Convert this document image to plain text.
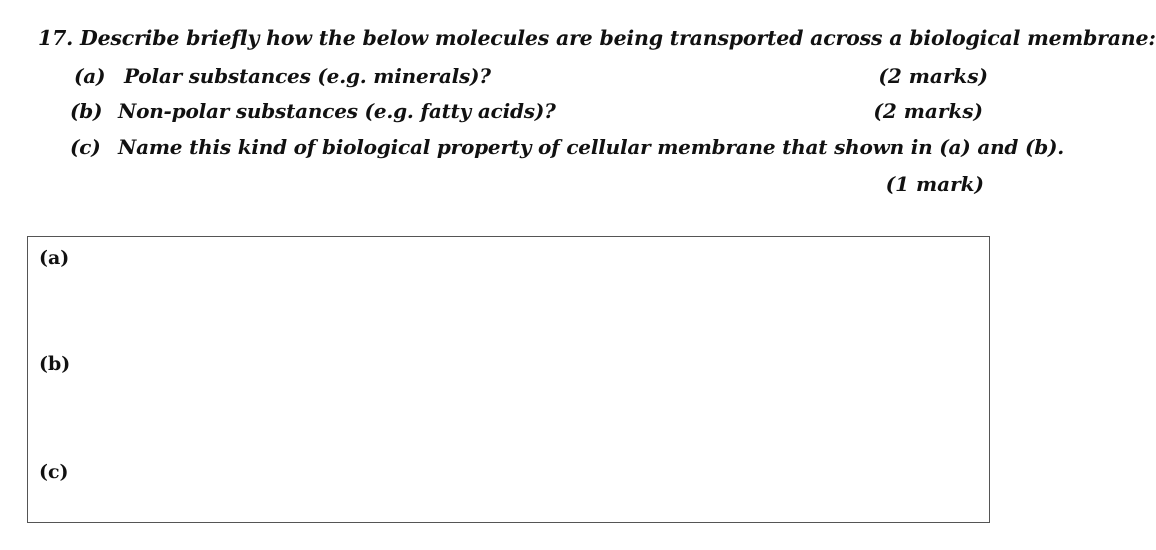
17. Describe briefly how the below molecules are being transported across a biological membrane:
(a) Polar substances (e.g. minerals)?	(2 marks)
(b) Non-polar substances (e.g. fatty acids)?	(2 marks)
(c) Name this kind of biological property of cellular membrane that shown in (a) and (b).
(1 mark)
(a)
(b)
(c)
